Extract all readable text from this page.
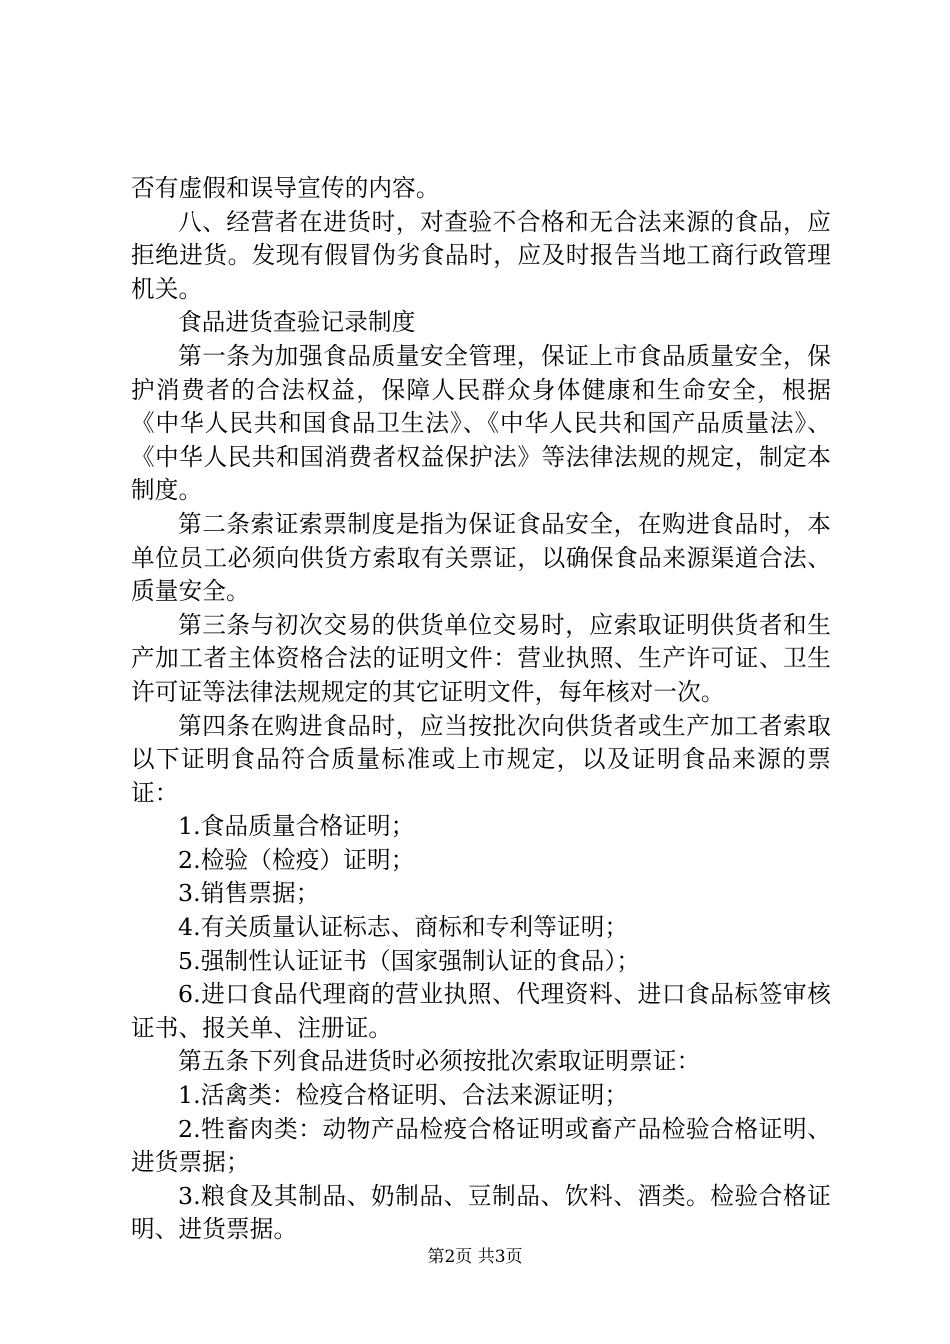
否有虚假和误导宣传的内容。

八、经营者在进货时，对查验不合格和无合法来源的食品，应拒绝进货。发现有假冒伪劣食品时，应及时报告当地工商行政管理机关。

食品进货查验记录制度

第一条为加强食品质量安全管理，保证上市食品质量安全，保护消费者的合法权益，保障人民群众身体健康和生命安全，根据《中华人民共和国食品卫生法》、《中华人民共和国产品质量法》、《中华人民共和国消费者权益保护法》等法律法规的规定，制定本制度。

第二条索证索票制度是指为保证食品安全，在购进食品时，本单位员工必须向供货方索取有关票证，以确保食品来源渠道合法、质量安全。

第三条与初次交易的供货单位交易时，应索取证明供货者和生产加工者主体资格合法的证明文件：营业执照、生产许可证、卫生许可证等法律法规规定的其它证明文件，每年核对一次。

第四条在购进食品时，应当按批次向供货者或生产加工者索取以下证明食品符合质量标准或上市规定，以及证明食品来源的票证：

1.食品质量合格证明；

2.检验（检疫）证明；

3.销售票据；

4.有关质量认证标志、商标和专利等证明；

5.强制性认证证书（国家强制认证的食品）；

6.进口食品代理商的营业执照、代理资料、进口食品标签审核证书、报关单、注册证。

第五条下列食品进货时必须按批次索取证明票证：

1.活禽类：检疫合格证明、合法来源证明；

2.牲畜肉类：动物产品检疫合格证明或畜产品检验合格证明、进货票据；

3.粮食及其制品、奶制品、豆制品、饮料、酒类。检验合格证明、进货票据。

第2页 共3页
